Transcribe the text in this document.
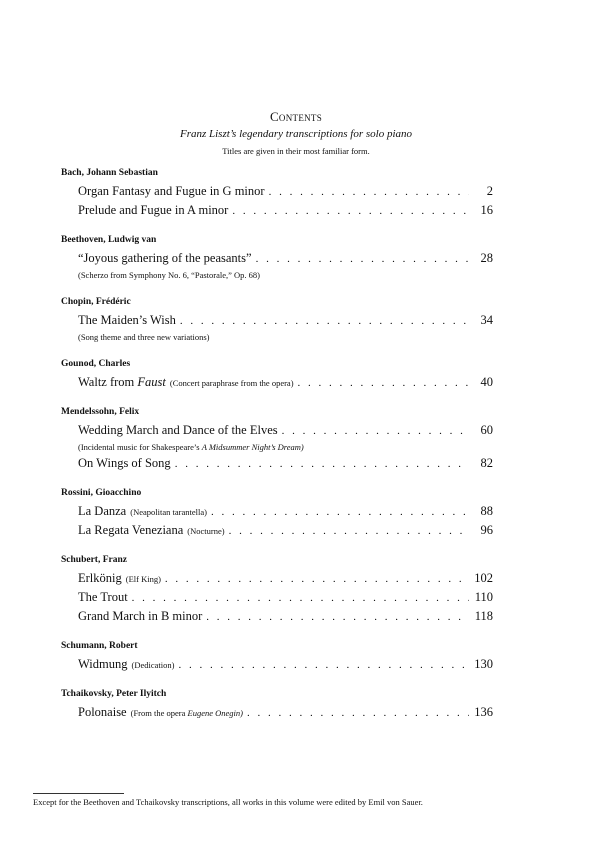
Contents
Franz Liszt’s legendary transcriptions for solo piano
Titles are given in their most familiar form.
Bach, Johann Sebastian
Organ Fantasy and Fugue in G minor . . .	2
Prelude and Fugue in A minor . . .	16
Beethoven, Ludwig van
“Joyous gathering of the peasants” . . .	28
(Scherzo from Symphony No. 6, “Pastorale,” Op. 68)
Chopin, Frédéric
The Maiden’s Wish . . .	34
(Song theme and three new variations)
Gounod, Charles
Waltz from Faust (Concert paraphrase from the opera) . . .	40
Mendelssohn, Felix
Wedding March and Dance of the Elves . . .	60
(Incidental music for Shakespeare’s A Midsummer Night’s Dream)
On Wings of Song . . .	82
Rossini, Gioacchino
La Danza (Neapolitan tarantella) . . .	88
La Regata Veneziana (Nocturne) . . .	96
Schubert, Franz
Erlkönig (Elf King) . . .	102
The Trout . . .	110
Grand March in B minor . . .	118
Schumann, Robert
Widmung (Dedication) . . .	130
Tchaikovsky, Peter Ilyitch
Polonaise (From the opera Eugene Onegin) . . .	136
Except for the Beethoven and Tchaikovsky transcriptions, all works in this volume were edited by Emil von Sauer.
